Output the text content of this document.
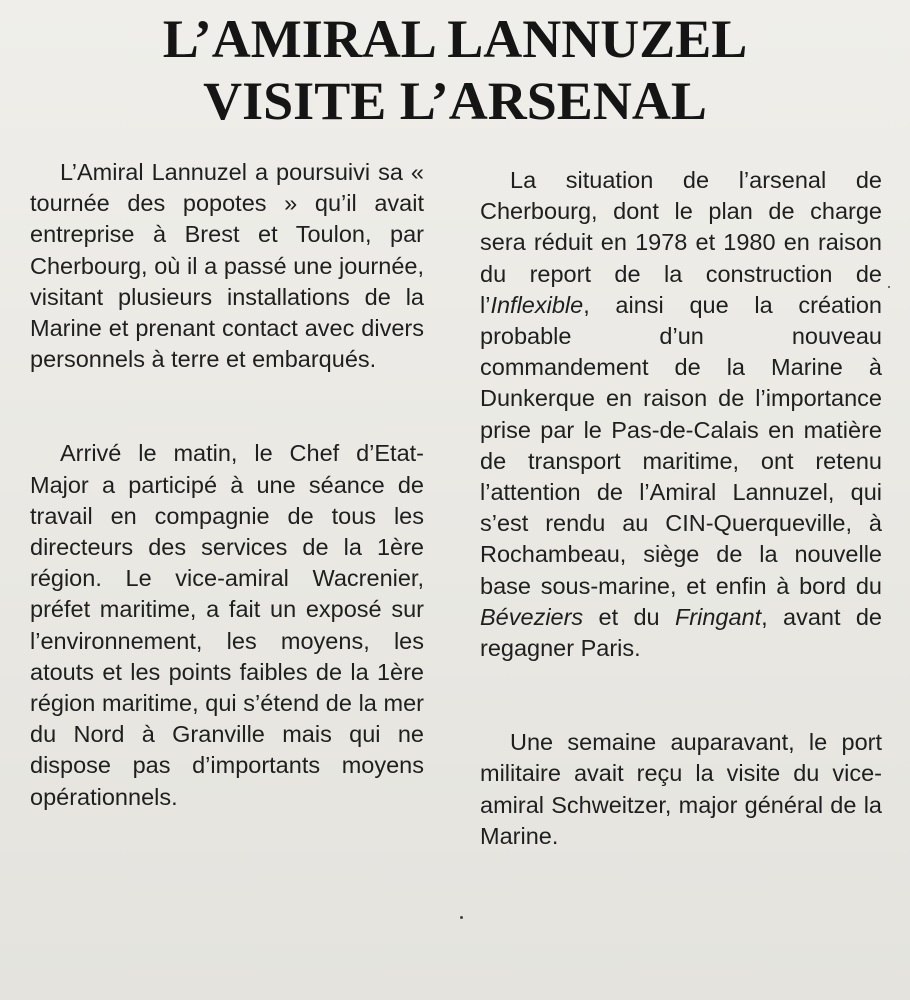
L’AMIRAL LANNUZEL
VISITE L’ARSENAL

L’Amiral Lannuzel a poursuivi sa « tournée des popotes » qu’il avait entreprise à Brest et Toulon, par Cherbourg, où il a passé une journée, visitant plusieurs installations de la Marine et prenant contact avec divers personnels à terre et embarqués.

Arrivé le matin, le Chef d’Etat-Major a participé à une séance de travail en compagnie de tous les directeurs des services de la 1ère région. Le vice-amiral Wacrenier, préfet maritime, a fait un exposé sur l’environnement, les moyens, les atouts et les points faibles de la 1ère région maritime, qui s’étend de la mer du Nord à Granville mais qui ne dispose pas d’importants moyens opérationnels.

La situation de l’arsenal de Cherbourg, dont le plan de charge sera réduit en 1978 et 1980 en raison du report de la construction de l’Inflexible, ainsi que la création probable d’un nouveau commandement de la Marine à Dunkerque en raison de l’importance prise par le Pas-de-Calais en matière de transport maritime, ont retenu l’attention de l’Amiral Lannuzel, qui s’est rendu au CIN-Querqueville, à Rochambeau, siège de la nouvelle base sous-marine, et enfin à bord du Béveziers et du Fringant, avant de regagner Paris.

Une semaine auparavant, le port militaire avait reçu la visite du vice-amiral Schweitzer, major général de la Marine.
